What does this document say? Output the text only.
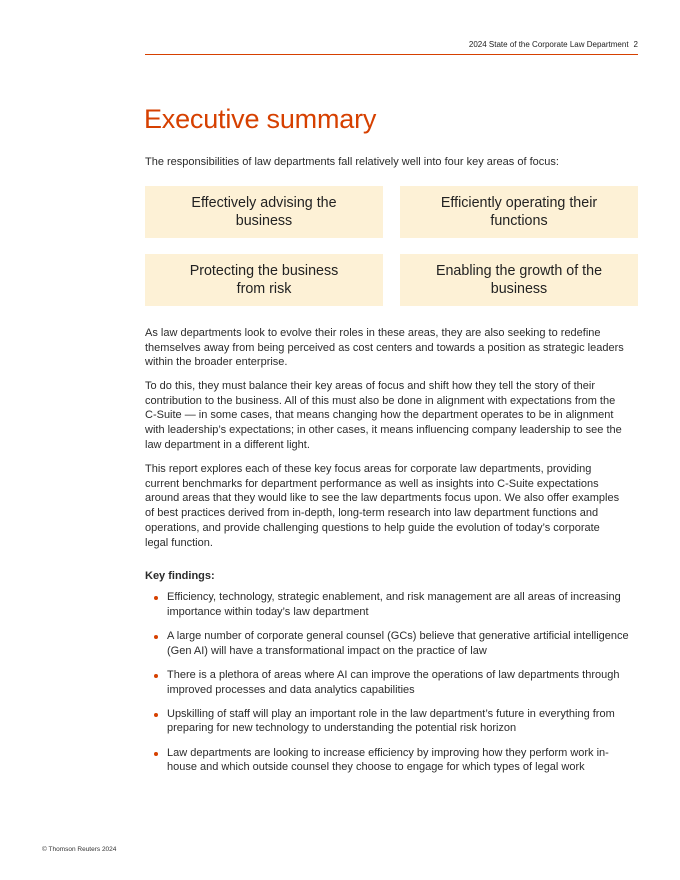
2024 State of the Corporate Law Department 2
Executive summary

The responsibilities of law departments fall relatively well into four key areas of focus:

Effectively advising the business
Efficiently operating their functions
Protecting the business from risk
Enabling the growth of the business

As law departments look to evolve their roles in these areas, they are also seeking to redefine themselves away from being perceived as cost centers and towards a position as strategic leaders within the broader enterprise.

To do this, they must balance their key areas of focus and shift how they tell the story of their contribution to the business. All of this must also be done in alignment with expectations from the C-Suite — in some cases, that means changing how the department operates to be in alignment with leadership’s expectations; in other cases, it means influencing company leadership to see the law department in a different light.

This report explores each of these key focus areas for corporate law departments, providing current benchmarks for department performance as well as insights into C-Suite expectations around areas that they would like to see the law departments focus upon. We also offer examples of best practices derived from in-depth, long-term research into law department functions and operations, and provide challenging questions to help guide the evolution of today’s corporate legal function.

Key findings:
Efficiency, technology, strategic enablement, and risk management are all areas of increasing importance within today’s law department
A large number of corporate general counsel (GCs) believe that generative artificial intelligence (Gen AI) will have a transformational impact on the practice of law
There is a plethora of areas where AI can improve the operations of law departments through improved processes and data analytics capabilities
Upskilling of staff will play an important role in the law department’s future in everything from preparing for new technology to understanding the potential risk horizon
Law departments are looking to increase efficiency by improving how they perform work in-house and which outside counsel they choose to engage for which types of legal work
© Thomson Reuters 2024
